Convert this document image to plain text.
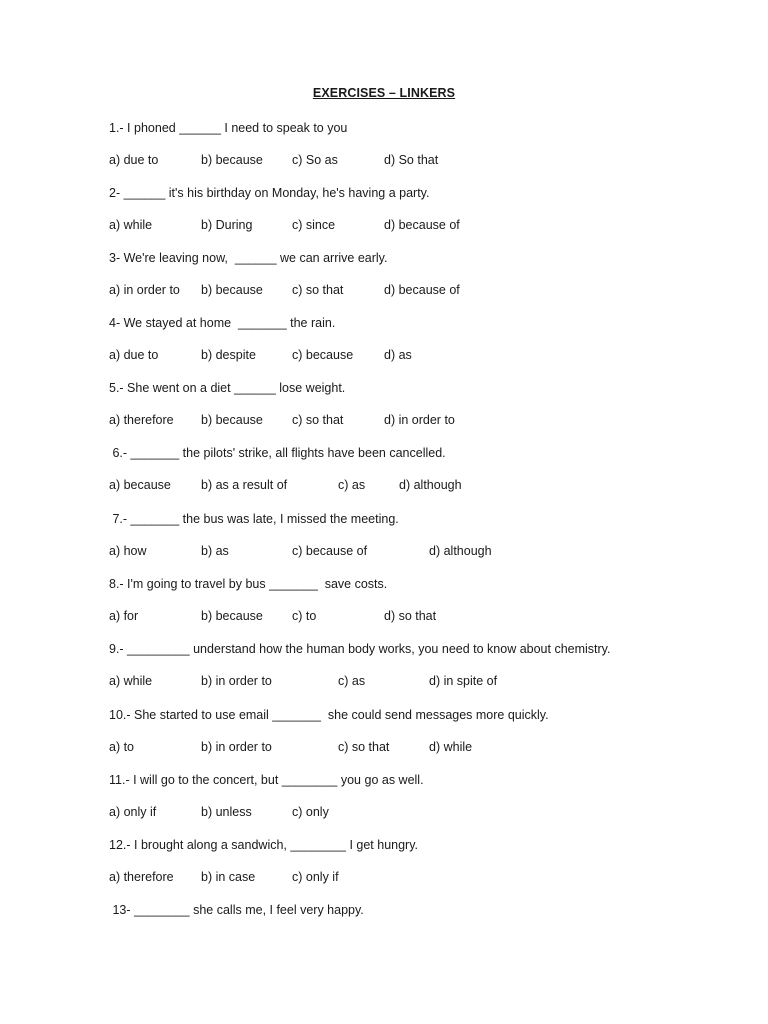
EXERCISES – LINKERS
1.- I phoned ______ I need to speak to you
a) due to	b) because c) So as	d) So that
2- ______ it's his birthday on Monday, he's having a party.
a) while	b) During	c) since	d) because of
3- We're leaving now,  ______ we can arrive early.
a) in order to b) because c) so that	d) because of
4- We stayed at home  _______ the rain.
a) due to	b) despite	c) because d) as
5.- She went on a diet ______ lose weight.
a) therefore b) because c) so that	d) in order to
6.- _______ the pilots' strike, all flights have been cancelled.
a) because b) as a result of	c) as	d) although
7.- _______ the bus was late, I missed the meeting.
a) how	b) as	c) because of	d) although
8.- I'm going to travel by bus _______  save costs.
a) for	b) because c) to	d) so that
9.- _________ understand how the human body works, you need to know about chemistry.
a) while	b) in order to	c) as	d) in spite of
10.- She started to use email _______  she could send messages more quickly.
a) to	b) in order to	c) so that	d) while
11.- I will go to the concert, but ________ you go as well.
a) only if	b) unless	c) only
12.- I brought along a sandwich, ________ I get hungry.
a) therefore b) in case	c) only if
13- ________ she calls me, I feel very happy.
